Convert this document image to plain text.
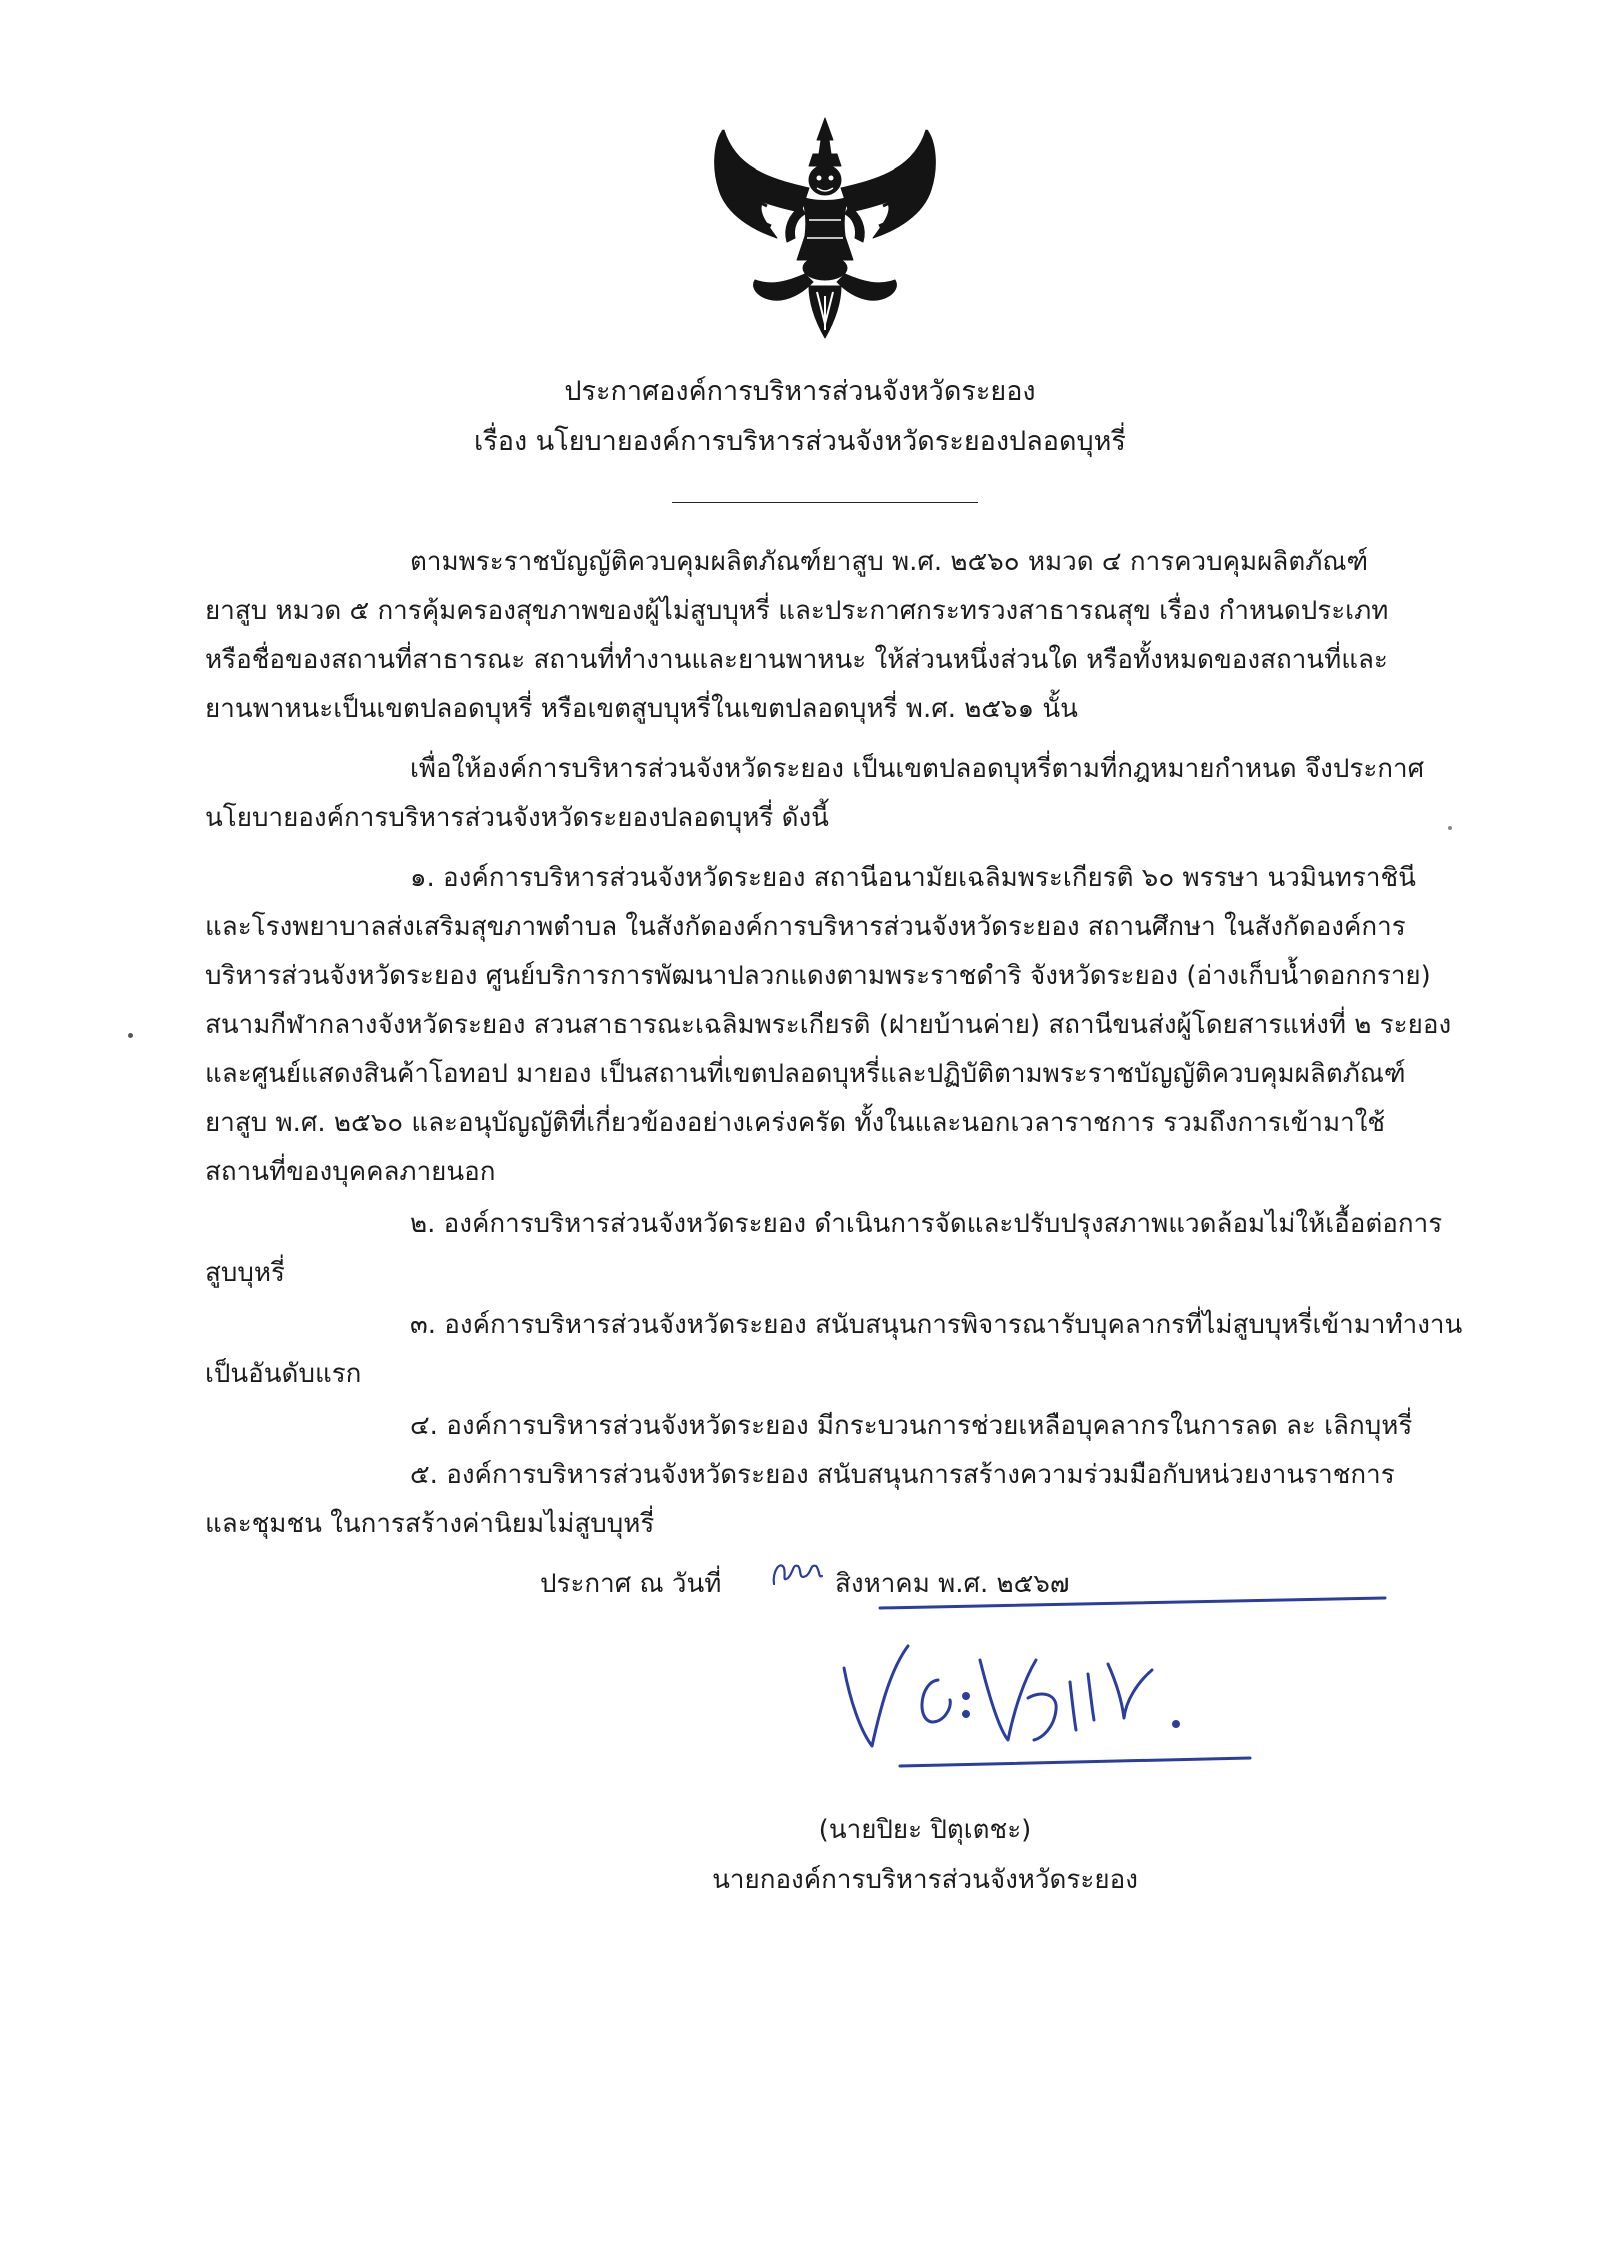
ประกาศองค์การบริหารส่วนจังหวัดระยอง
เรื่อง นโยบายองค์การบริหารส่วนจังหวัดระยองปลอดบุหรี่
ตามพระราชบัญญัติควบคุมผลิตภัณฑ์ยาสูบ พ.ศ. ๒๕๖๐ หมวด ๔ การควบคุมผลิตภัณฑ์
ยาสูบ หมวด ๕ การคุ้มครองสุขภาพของผู้ไม่สูบบุหรี่ และประกาศกระทรวงสาธารณสุข เรื่อง กำหนดประเภท
หรือชื่อของสถานที่สาธารณะ สถานที่ทำงานและยานพาหนะ ให้ส่วนหนึ่งส่วนใด หรือทั้งหมดของสถานที่และ
ยานพาหนะเป็นเขตปลอดบุหรี่ หรือเขตสูบบุหรี่ในเขตปลอดบุหรี่ พ.ศ. ๒๕๖๑ นั้น
เพื่อให้องค์การบริหารส่วนจังหวัดระยอง เป็นเขตปลอดบุหรี่ตามที่กฎหมายกำหนด จึงประกาศ
นโยบายองค์การบริหารส่วนจังหวัดระยองปลอดบุหรี่ ดังนี้
๑. องค์การบริหารส่วนจังหวัดระยอง สถานีอนามัยเฉลิมพระเกียรติ ๖๐ พรรษา นวมินทราชินี
และโรงพยาบาลส่งเสริมสุขภาพตำบล ในสังกัดองค์การบริหารส่วนจังหวัดระยอง สถานศึกษา ในสังกัดองค์การ
บริหารส่วนจังหวัดระยอง ศูนย์บริการการพัฒนาปลวกแดงตามพระราชดำริ จังหวัดระยอง (อ่างเก็บน้ำดอกกราย)
สนามกีฬากลางจังหวัดระยอง สวนสาธารณะเฉลิมพระเกียรติ (ฝายบ้านค่าย) สถานีขนส่งผู้โดยสารแห่งที่ ๒ ระยอง
และศูนย์แสดงสินค้าโอทอป มายอง เป็นสถานที่เขตปลอดบุหรี่และปฏิบัติตามพระราชบัญญัติควบคุมผลิตภัณฑ์
ยาสูบ พ.ศ. ๒๕๖๐ และอนุบัญญัติที่เกี่ยวข้องอย่างเคร่งครัด ทั้งในและนอกเวลาราชการ รวมถึงการเข้ามาใช้
สถานที่ของบุคคลภายนอก
๒. องค์การบริหารส่วนจังหวัดระยอง ดำเนินการจัดและปรับปรุงสภาพแวดล้อมไม่ให้เอื้อต่อการ
สูบบุหรี่
๓. องค์การบริหารส่วนจังหวัดระยอง สนับสนุนการพิจารณารับบุคลากรที่ไม่สูบบุหรี่เข้ามาทำงาน
เป็นอันดับแรก
๔. องค์การบริหารส่วนจังหวัดระยอง มีกระบวนการช่วยเหลือบุคลากรในการลด ละ เลิกบุหรี่
๕. องค์การบริหารส่วนจังหวัดระยอง สนับสนุนการสร้างความร่วมมือกับหน่วยงานราชการ
และชุมชน ในการสร้างค่านิยมไม่สูบบุหรี่
ประกาศ ณ วันที่	สิงหาคม พ.ศ. ๒๕๖๗
(นายปิยะ ปิตุเตชะ)
นายกองค์การบริหารส่วนจังหวัดระยอง
